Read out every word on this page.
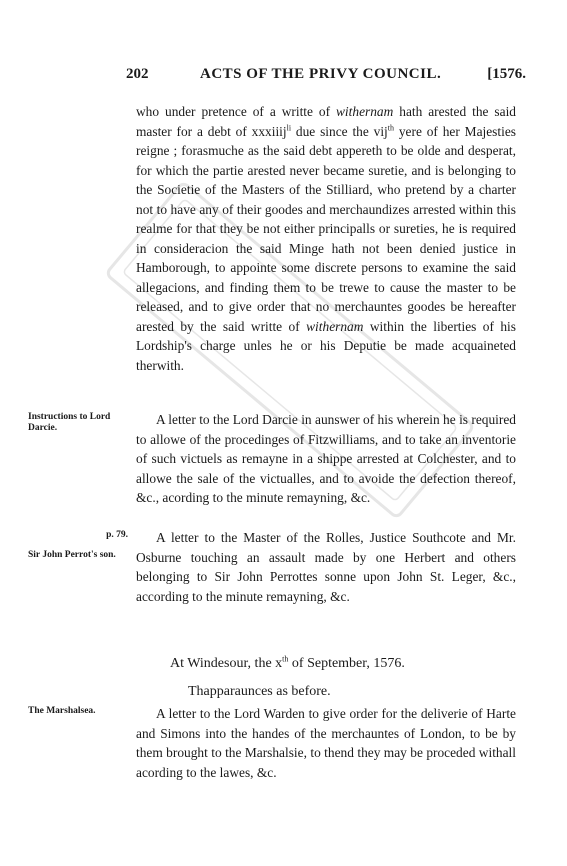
202	ACTS OF THE PRIVY COUNCIL.	[1576.

who under pretence of a writte of withernam hath arested the said master for a debt of xxxiiij$^{li}$ due since the vij$^{th}$ yere of her Majesties reigne ; forasmuche as the said debt appereth to be olde and desperat, for which the partie arested never became suretie, and is belonging to the Societie of the Masters of the Stilliard, who pretend by a charter not to have any of their goodes and merchaundizes arrested within this realme for that they be not either principalls or sureties, he is required in consideracion the said Minge hath not been denied justice in Hamborough, to appointe some discrete persons to examine the said allegacions, and finding them to be trewe to cause the master to be released, and to give order that no merchauntes goodes be hereafter arested by the said writte of withernam within the liberties of his Lordship's charge unles he or his Deputie be made acquaineted therwith.

Instructions to Lord Darcie.

A letter to the Lord Darcie in aunswer of his wherein he is required to allowe of the procedinges of Fitzwilliams, and to take an inventorie of such victuels as remayne in a shippe arrested at Colchester, and to allowe the sale of the victualles, and to avoide the defection thereof, &c., acording to the minute remayning, &c.

p. 79.
Sir John Perrot's son.

A letter to the Master of the Rolles, Justice Southcote and Mr. Osburne touching an assault made by one Herbert and others belonging to Sir John Perrottes sonne upon John St. Leger, &c., according to the minute remayning, &c.

At Windesour, the $x^{th}$ of September, 1576.
Thapparaunces as before.
The Marshalsea.	A letter to the Lord Warden to give order for the deliverie of Harte and Simons into the handes of the merchauntes of London, to be by them brought to the Marshalsie, to thend they may be proceded withall acording to the lawes, &c.
